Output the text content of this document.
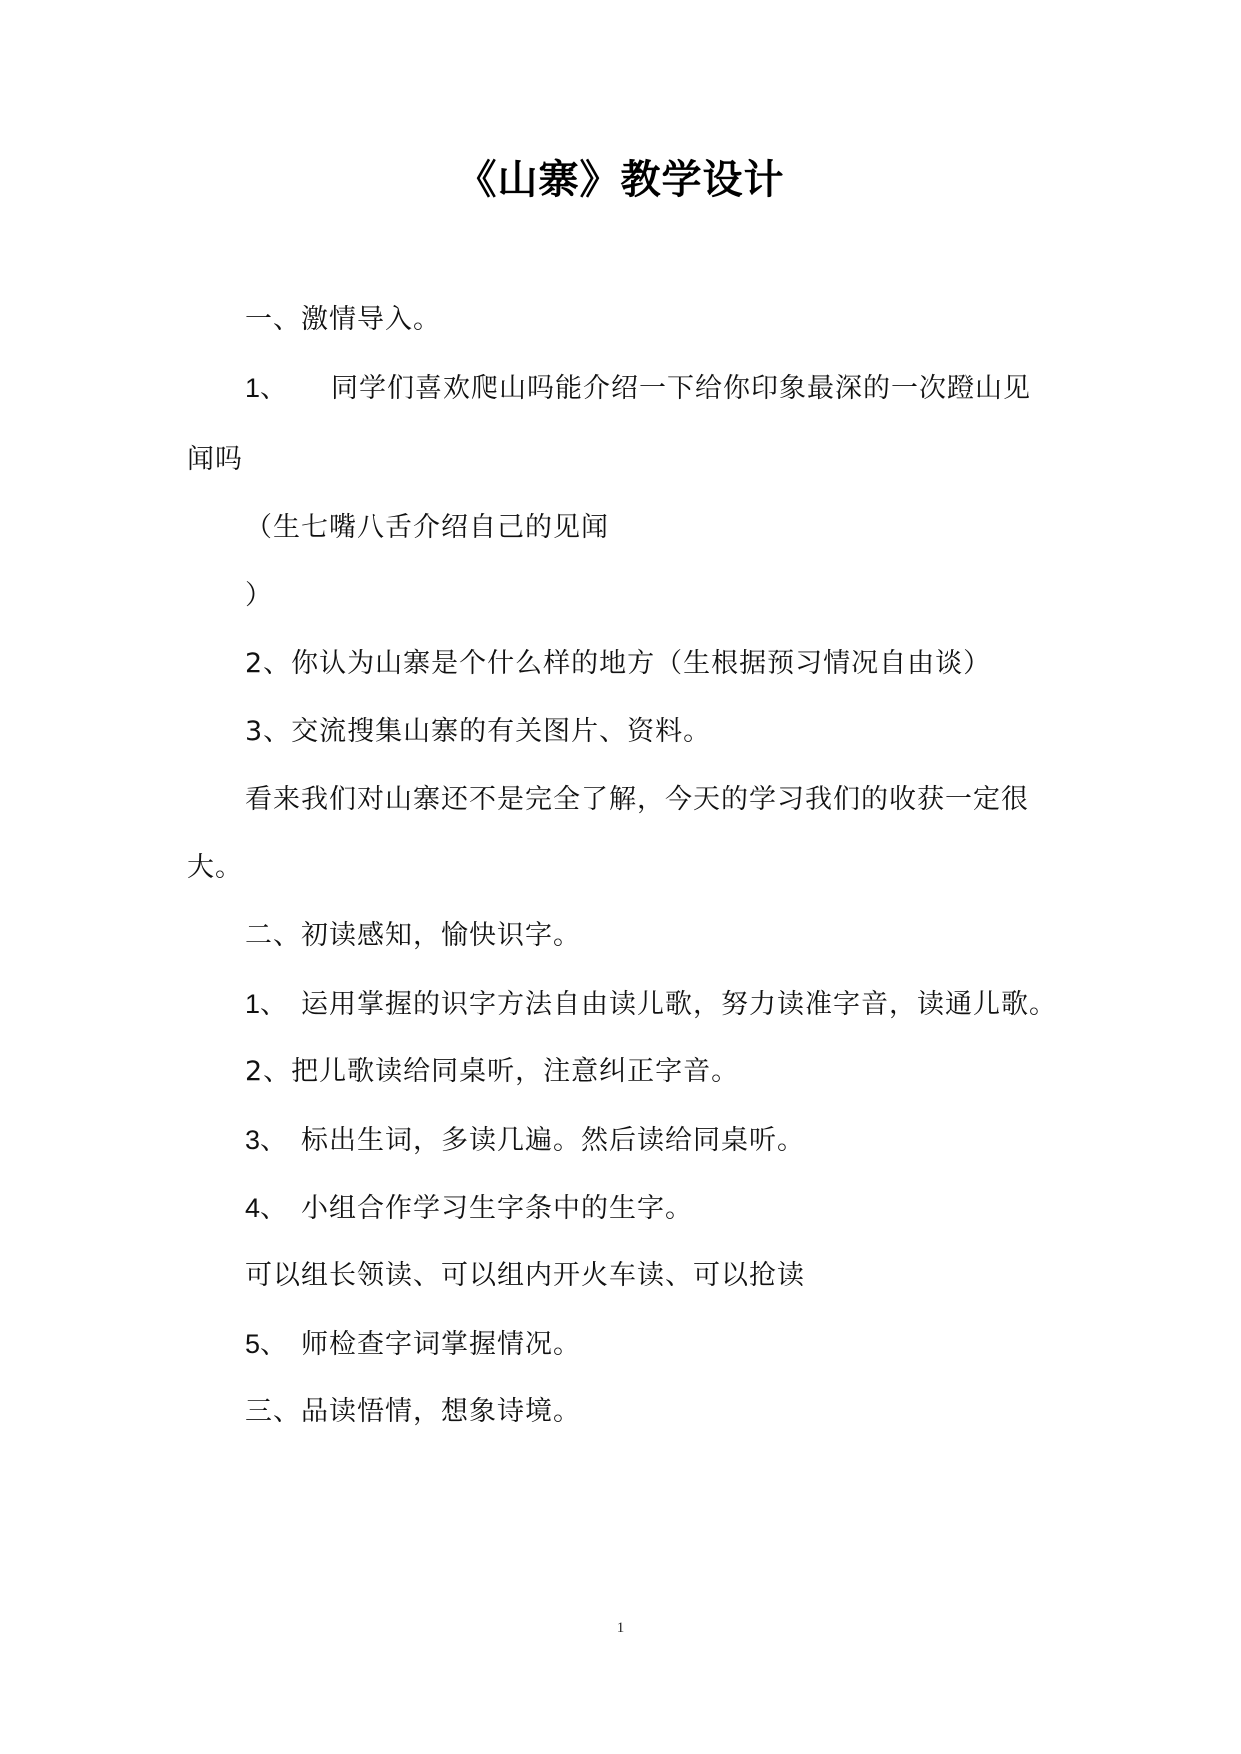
《山寨》教学设计
一、激情导入。
1、 同学们喜欢爬山吗能介绍一下给你印象最深的一次蹬山见
闻吗
（生七嘴八舌介绍自己的见闻
）
2、你认为山寨是个什么样的地方（生根据预习情况自由谈）
3、交流搜集山寨的有关图片、资料。
看来我们对山寨还不是完全了解，今天的学习我们的收获一定很
大。
二、初读感知，愉快识字。
1、 运用掌握的识字方法自由读儿歌，努力读准字音，读通儿歌。
2、把儿歌读给同桌听，注意纠正字音。
3、 标出生词，多读几遍。然后读给同桌听。
4、 小组合作学习生字条中的生字。
可以组长领读、可以组内开火车读、可以抢读
5、 师检查字词掌握情况。
三、品读悟情，想象诗境。
1
